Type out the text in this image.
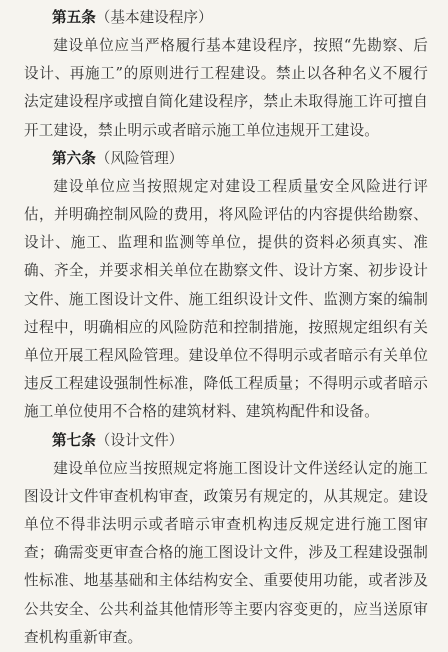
第五条（基本建设程序）

建设单位应当严格履行基本建设程序，按照“先勘察、后设计、再施工”的原则进行工程建设。禁止以各种名义不履行法定建设程序或擅自简化建设程序，禁止未取得施工许可擅自开工建设，禁止明示或者暗示施工单位违规开工建设。

第六条（风险管理）

建设单位应当按照规定对建设工程质量安全风险进行评估，并明确控制风险的费用，将风险评估的内容提供给勘察、设计、施工、监理和监测等单位，提供的资料必须真实、准确、齐全，并要求相关单位在勘察文件、设计方案、初步设计文件、施工图设计文件、施工组织设计文件、监测方案的编制过程中，明确相应的风险防范和控制措施，按照规定组织有关单位开展工程风险管理。建设单位不得明示或者暗示有关单位违反工程建设强制性标准，降低工程质量；不得明示或者暗示施工单位使用不合格的建筑材料、建筑构配件和设备。

第七条（设计文件）

建设单位应当按照规定将施工图设计文件送经认定的施工图设计文件审查机构审查，政策另有规定的，从其规定。建设单位不得非法明示或者暗示审查机构违反规定进行施工图审查；确需变更审查合格的施工图设计文件，涉及工程建设强制性标准、地基基础和主体结构安全、重要使用功能，或者涉及公共安全、公共利益其他情形等主要内容变更的，应当送原审查机构重新审查。
